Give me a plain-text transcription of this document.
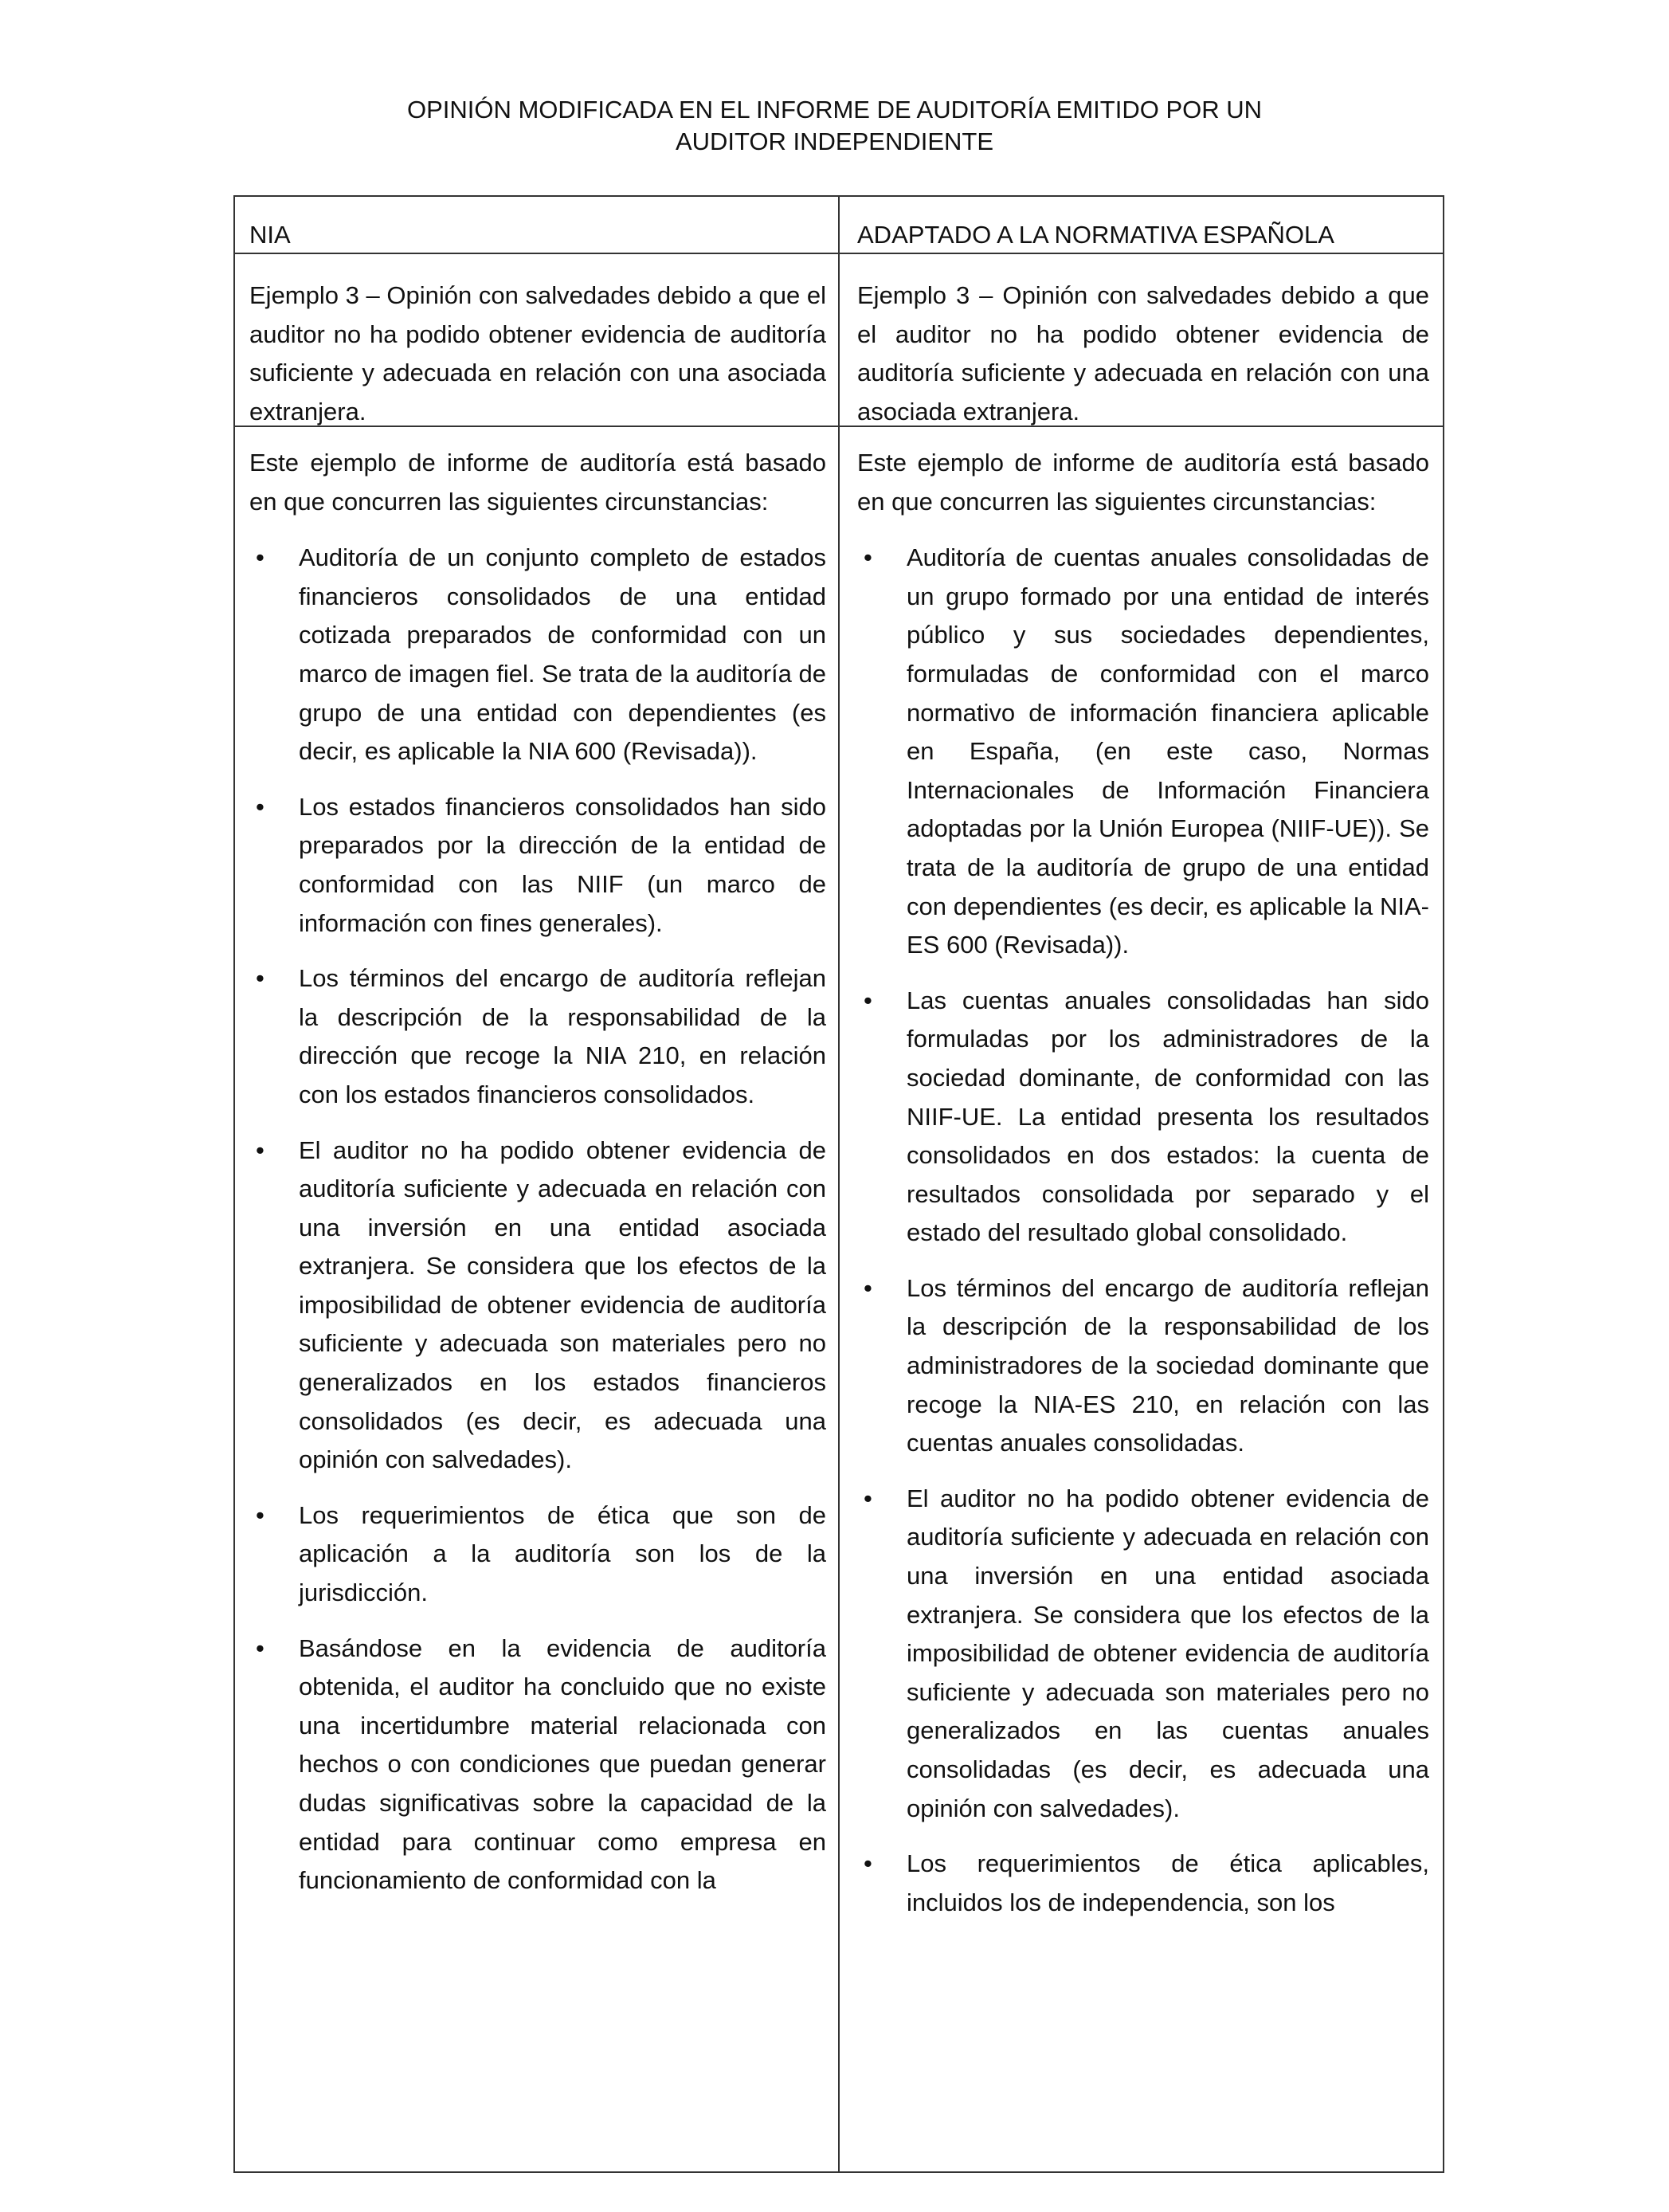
OPINIÓN MODIFICADA EN EL INFORME DE AUDITORÍA EMITIDO POR UN
AUDITOR INDEPENDIENTE
NIA	ADAPTADO A LA NORMATIVA ESPAÑOLA
Ejemplo 3 – Opinión con salvedades debido a que el auditor no ha podido obtener evidencia de auditoría suficiente y adecuada en relación con una asociada extranjera.
Ejemplo 3 – Opinión con salvedades debido a que el auditor no ha podido obtener evidencia de auditoría suficiente y adecuada en relación con una asociada extranjera.

Este ejemplo de informe de auditoría está basado en que concurren las siguientes circunstancias:

• Auditoría de un conjunto completo de estados financieros consolidados de una entidad cotizada preparados de conformidad con un marco de imagen fiel. Se trata de la auditoría de grupo de una entidad con dependientes (es decir, es aplicable la NIA 600 (Revisada)).
• Los estados financieros consolidados han sido preparados por la dirección de la entidad de conformidad con las NIIF (un marco de información con fines generales).
• Los términos del encargo de auditoría reflejan la descripción de la responsabilidad de la dirección que recoge la NIA 210, en relación con los estados financieros consolidados.
• El auditor no ha podido obtener evidencia de auditoría suficiente y adecuada en relación con una inversión en una entidad asociada extranjera. Se considera que los efectos de la imposibilidad de obtener evidencia de auditoría suficiente y adecuada son materiales pero no generalizados en los estados financieros consolidados (es decir, es adecuada una opinión con salvedades).
• Los requerimientos de ética que son de aplicación a la auditoría son los de la jurisdicción.
• Basándose en la evidencia de auditoría obtenida, el auditor ha concluido que no existe una incertidumbre material relacionada con hechos o con condiciones que puedan generar dudas significativas sobre la capacidad de la entidad para continuar como empresa en funcionamiento de conformidad con la

Este ejemplo de informe de auditoría está basado en que concurren las siguientes circunstancias:

• Auditoría de cuentas anuales consolidadas de un grupo formado por una entidad de interés público y sus sociedades dependientes, formuladas de conformidad con el marco normativo de información financiera aplicable en España, (en este caso, Normas Internacionales de Información Financiera adoptadas por la Unión Europea (NIIF-UE)). Se trata de la auditoría de grupo de una entidad con dependientes (es decir, es aplicable la NIA-ES 600 (Revisada)).
• Las cuentas anuales consolidadas han sido formuladas por los administradores de la sociedad dominante, de conformidad con las NIIF-UE. La entidad presenta los resultados consolidados en dos estados: la cuenta de resultados consolidada por separado y el estado del resultado global consolidado.
• Los términos del encargo de auditoría reflejan la descripción de la responsabilidad de los administradores de la sociedad dominante que recoge la NIA-ES 210, en relación con las cuentas anuales consolidadas.
• El auditor no ha podido obtener evidencia de auditoría suficiente y adecuada en relación con una inversión en una entidad asociada extranjera. Se considera que los efectos de la imposibilidad de obtener evidencia de auditoría suficiente y adecuada son materiales pero no generalizados en las cuentas anuales consolidadas (es decir, es adecuada una opinión con salvedades).
• Los requerimientos de ética aplicables, incluidos los de independencia, son los
